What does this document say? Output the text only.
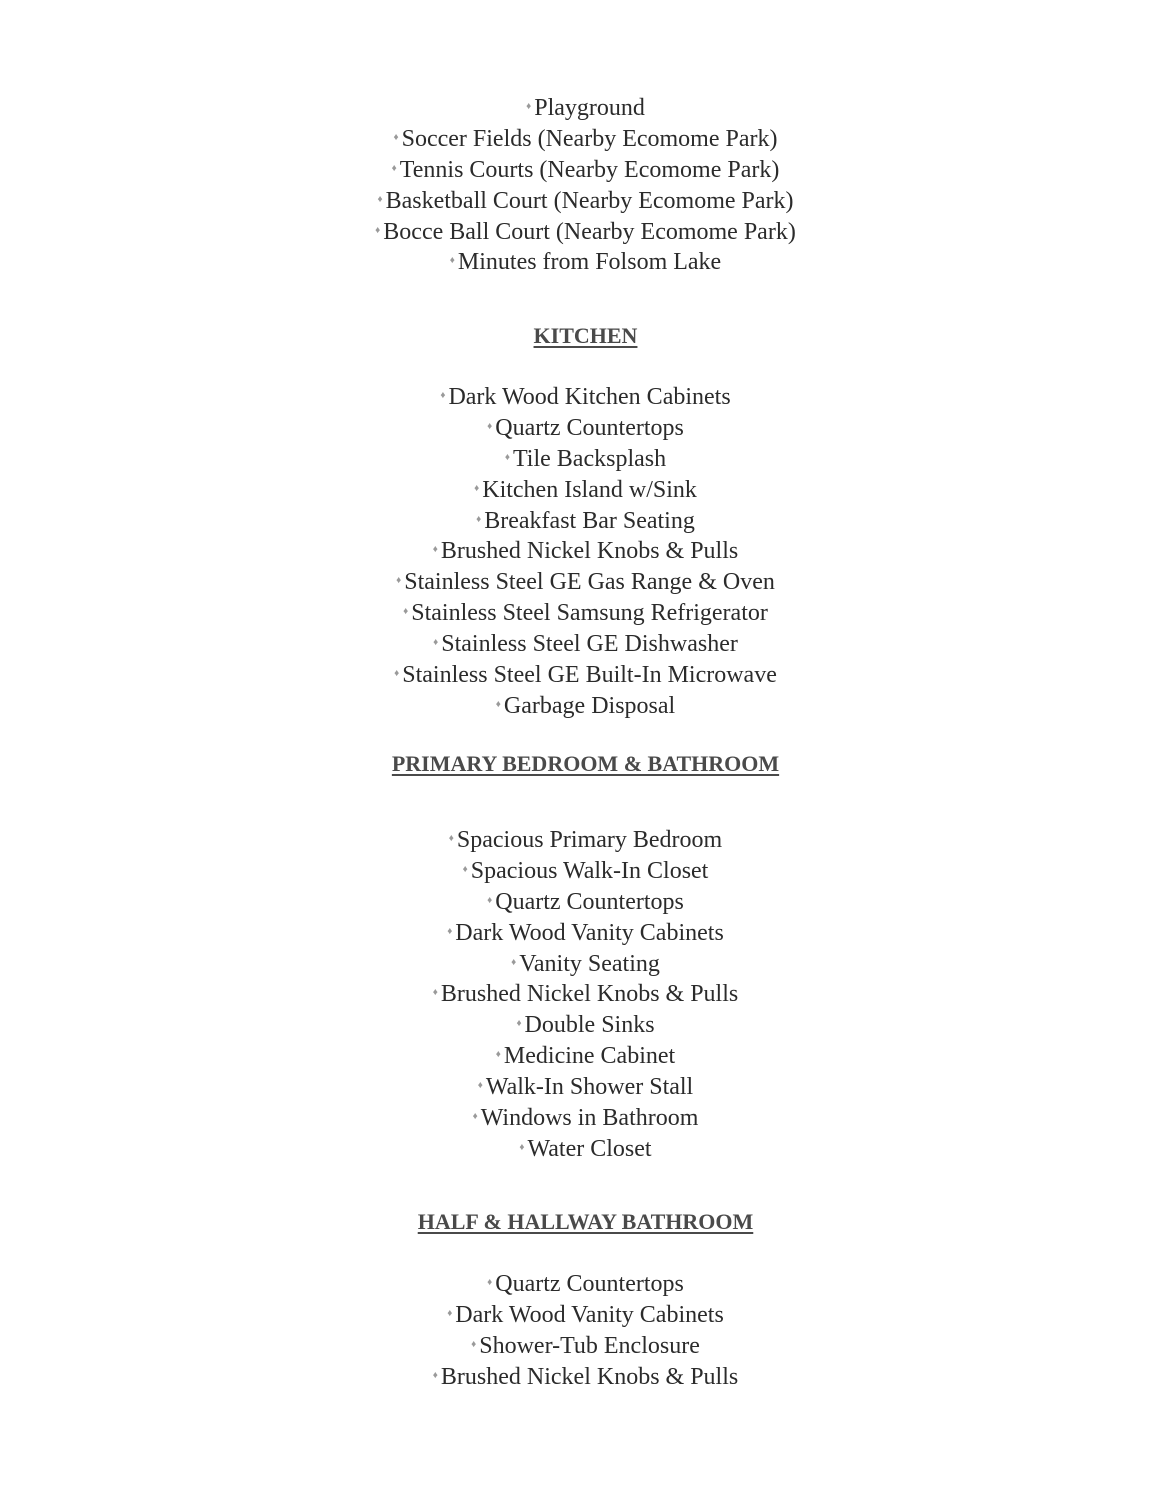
♦ Playground
♦ Soccer Fields (Nearby Ecomome Park)
♦ Tennis Courts (Nearby Ecomome Park)
♦ Basketball Court (Nearby Ecomome Park)
♦ Bocce Ball Court (Nearby Ecomome Park)
♦ Minutes from Folsom Lake
KITCHEN
♦ Dark Wood Kitchen Cabinets
♦ Quartz Countertops
♦ Tile Backsplash
♦ Kitchen Island w/Sink
♦ Breakfast Bar Seating
♦ Brushed Nickel Knobs & Pulls
♦ Stainless Steel GE Gas Range & Oven
♦ Stainless Steel Samsung Refrigerator
♦ Stainless Steel GE Dishwasher
♦ Stainless Steel GE Built-In Microwave
♦ Garbage Disposal
PRIMARY BEDROOM & BATHROOM
♦ Spacious Primary Bedroom
♦ Spacious Walk-In Closet
♦ Quartz Countertops
♦ Dark Wood Vanity Cabinets
♦ Vanity Seating
♦ Brushed Nickel Knobs & Pulls
♦ Double Sinks
♦ Medicine Cabinet
♦ Walk-In Shower Stall
♦ Windows in Bathroom
♦ Water Closet
HALF & HALLWAY BATHROOM
♦ Quartz Countertops
♦ Dark Wood Vanity Cabinets
♦ Shower-Tub Enclosure
♦ Brushed Nickel Knobs & Pulls
